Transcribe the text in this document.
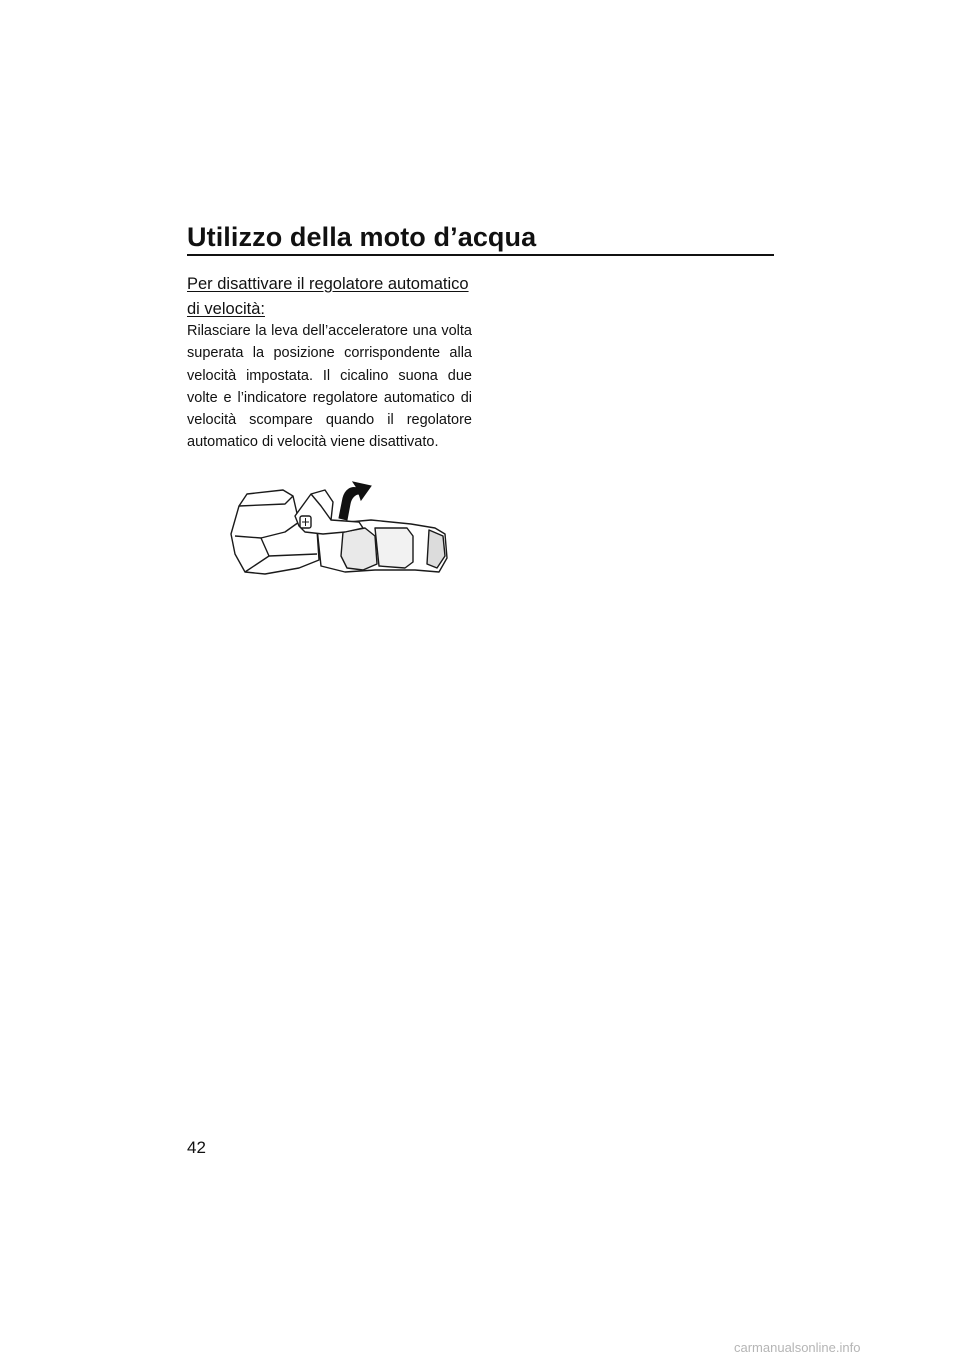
Utilizzo della moto d’acqua
Per disattivare il regolatore automatico di velocità:
Rilasciare la leva dell’acceleratore una volta superata la posizione corrispondente alla velocità impostata. Il cicalino suona due volte e l’indicatore regolatore automatico di velocità scompare quando il regolatore automatico di velocità viene disattivato.
42
carmanualsonline.info
